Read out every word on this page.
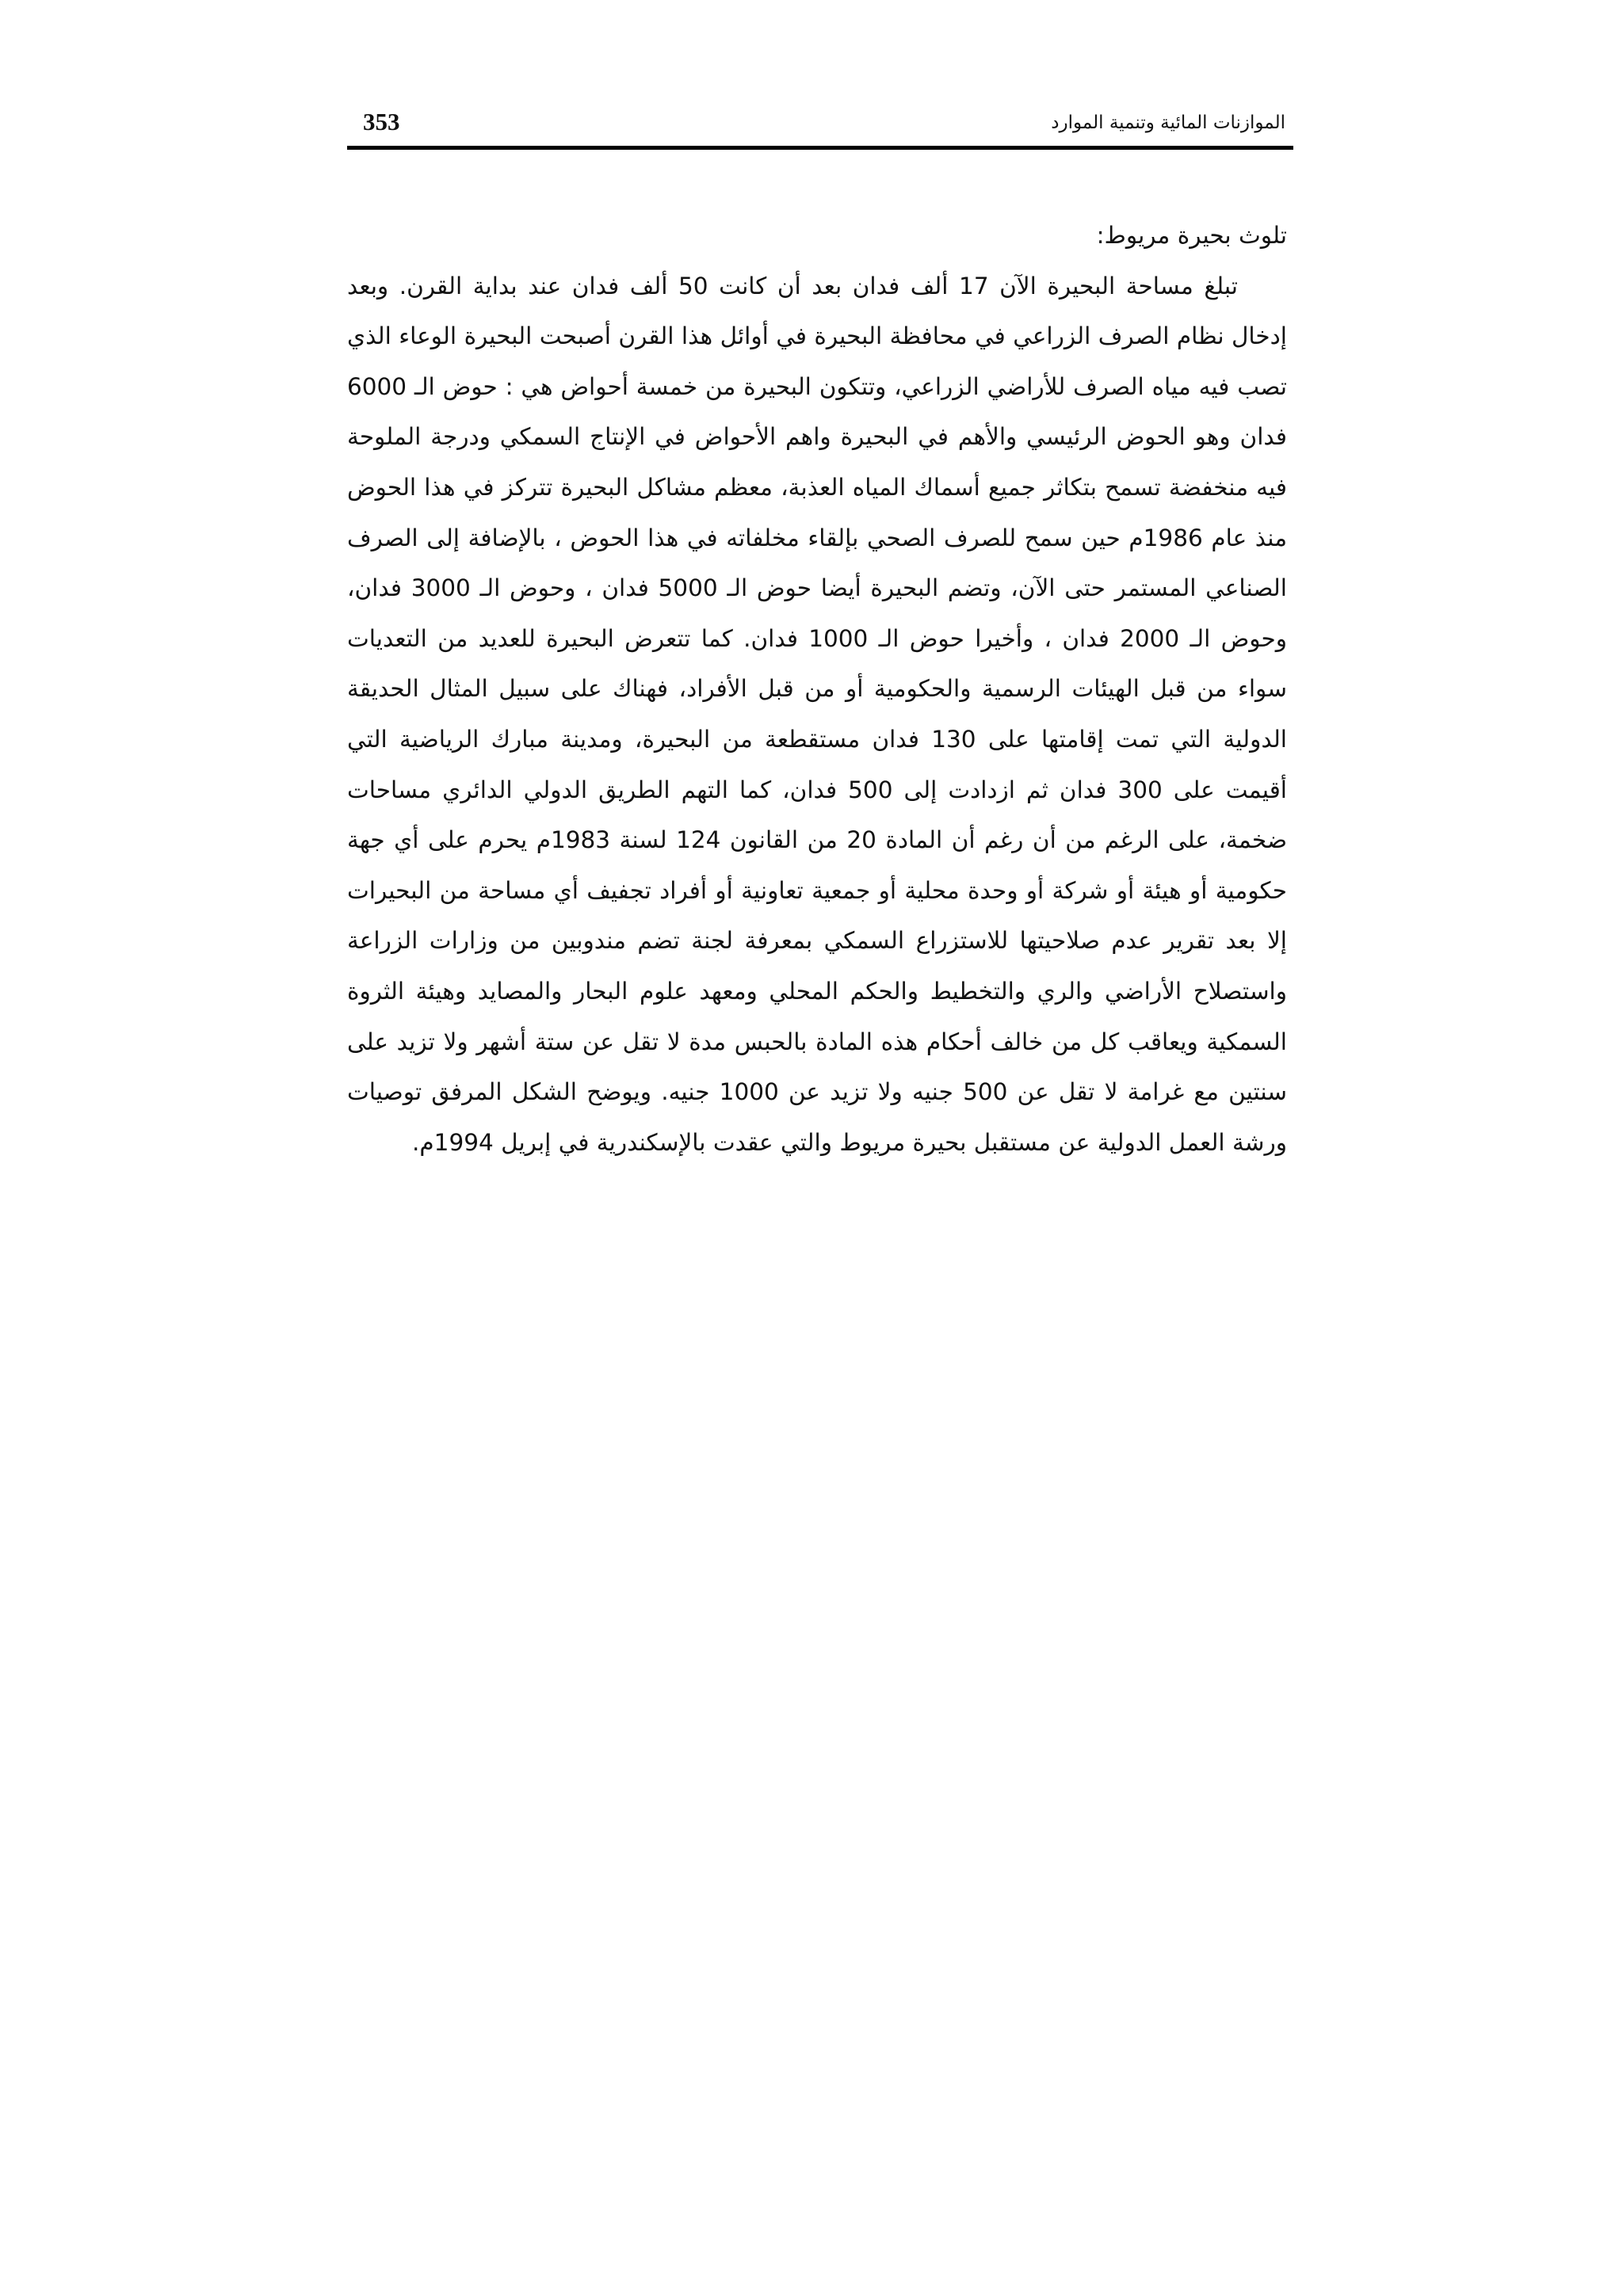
353	الموازنات المائية وتنمية الموارد
تلوث بحيرة مريوط:

تبلغ مساحة البحيرة الآن 17 ألف فدان بعد أن كانت 50 ألف فدان عند بداية القرن. وبعد إدخال نظام الصرف الزراعي في محافظة البحيرة في أوائل هذا القرن أصبحت البحيرة الوعاء الذي تصب فيه مياه الصرف للأراضي الزراعي، وتتكون البحيرة من خمسة أحواض هي : حوض الـ 6000 فدان وهو الحوض الرئيسي والأهم في البحيرة واهم الأحواض في الإنتاج السمكي ودرجة الملوحة فيه منخفضة تسمح بتكاثر جميع أسماك المياه العذبة، معظم مشاكل البحيرة تتركز في هذا الحوض منذ عام 1986م حين سمح للصرف الصحي بإلقاء مخلفاته في هذا الحوض ، بالإضافة إلى الصرف الصناعي المستمر حتى الآن، وتضم البحيرة أيضا حوض الـ 5000 فدان ، وحوض الـ 3000 فدان، وحوض الـ 2000 فدان ، وأخيرا حوض الـ 1000 فدان. كما تتعرض البحيرة للعديد من التعديات سواء من قبل الهيئات الرسمية والحكومية أو من قبل الأفراد، فهناك على سبيل المثال الحديقة الدولية التي تمت إقامتها على 130 فدان مستقطعة من البحيرة، ومدينة مبارك الرياضية التي أقيمت على 300 فدان ثم ازدادت إلى 500 فدان، كما التهم الطريق الدولي الدائري مساحات ضخمة، على الرغم من أن رغم أن المادة 20 من القانون 124 لسنة 1983م يحرم على أي جهة حكومية أو هيئة أو شركة أو وحدة محلية أو جمعية تعاونية أو أفراد تجفيف أي مساحة من البحيرات إلا بعد تقرير عدم صلاحيتها للاستزراع السمكي بمعرفة لجنة تضم مندوبين من وزارات الزراعة واستصلاح الأراضي والري والتخطيط والحكم المحلي ومعهد علوم البحار والمصايد وهيئة الثروة السمكية ويعاقب كل من خالف أحكام هذه المادة بالحبس مدة لا تقل عن ستة أشهر ولا تزيد على سنتين مع غرامة لا تقل عن 500 جنيه ولا تزيد عن 1000 جنيه. ويوضح الشكل المرفق توصيات ورشة العمل الدولية عن مستقبل بحيرة مريوط والتي عقدت بالإسكندرية في إبريل 1994م.
